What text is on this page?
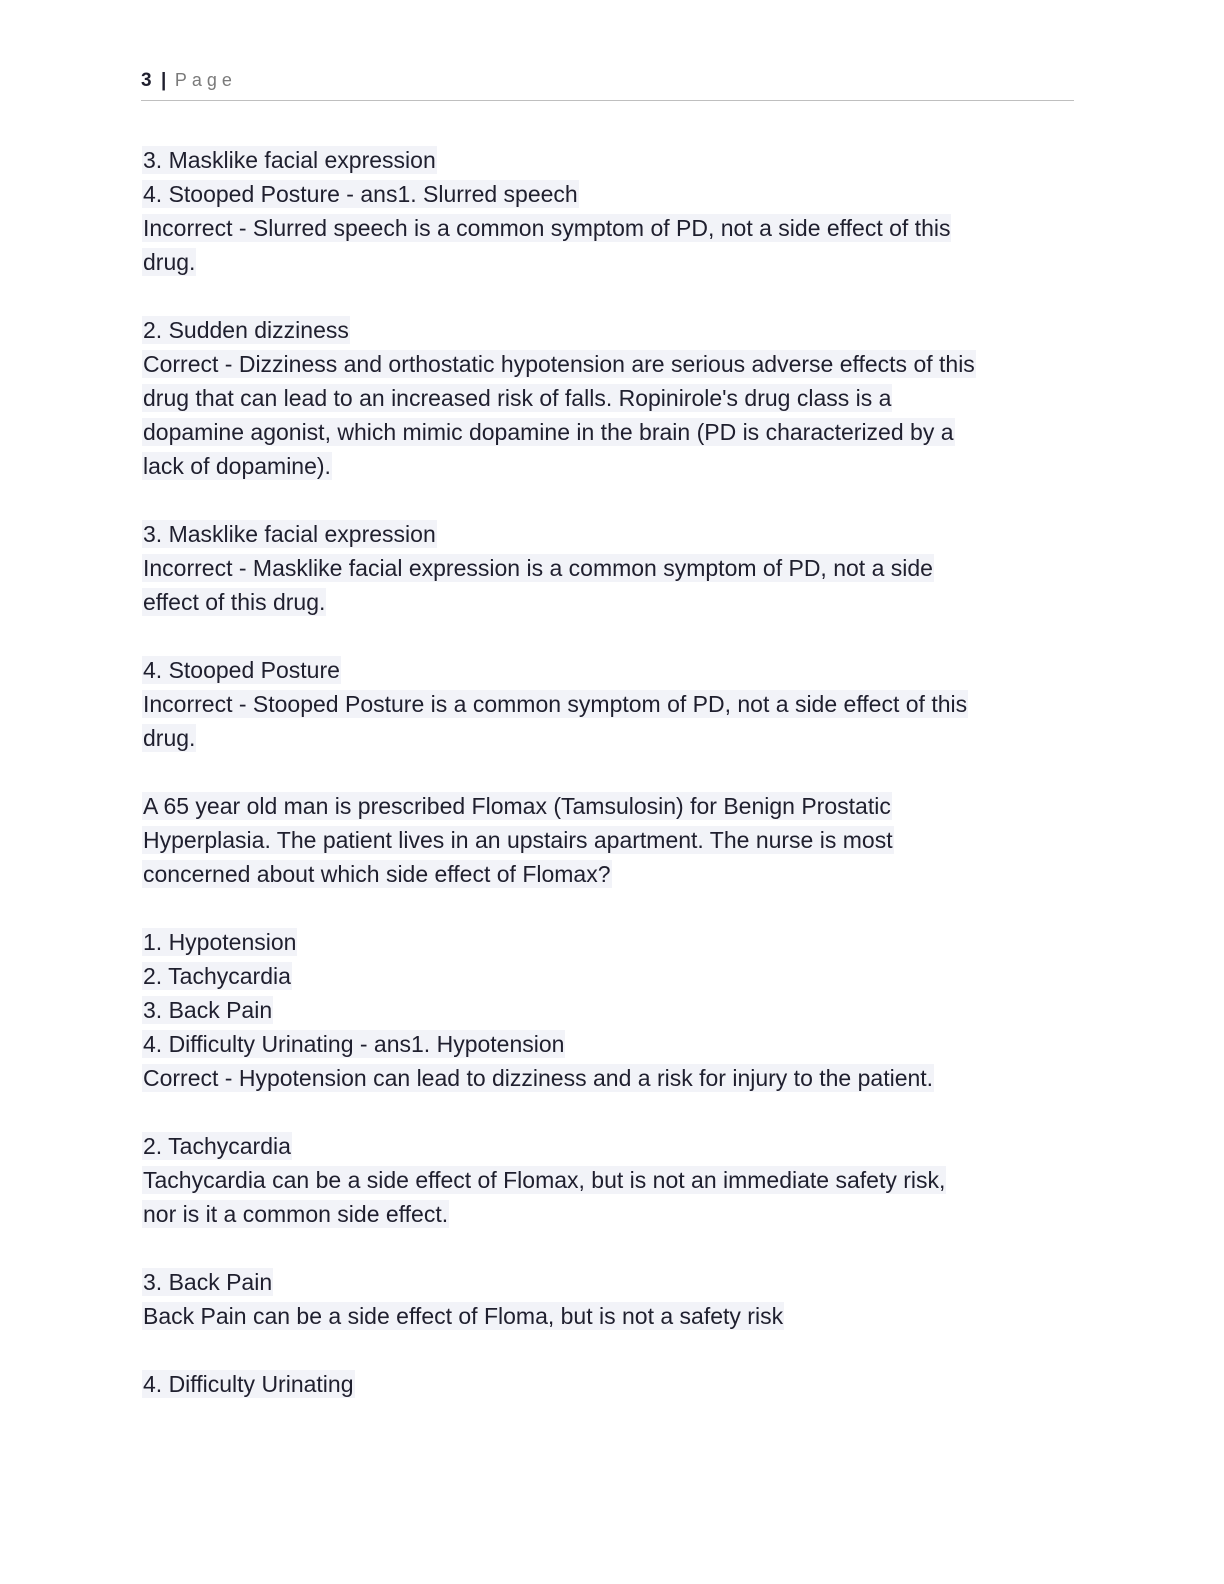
3 | Page
3. Masklike facial expression
4. Stooped Posture - ans1. Slurred speech
Incorrect - Slurred speech is a common symptom of PD, not a side effect of this
drug.
2. Sudden dizziness
Correct - Dizziness and orthostatic hypotension are serious adverse effects of this
drug that can lead to an increased risk of falls. Ropinirole's drug class is a
dopamine agonist, which mimic dopamine in the brain (PD is characterized by a
lack of dopamine).
3. Masklike facial expression
Incorrect - Masklike facial expression is a common symptom of PD, not a side
effect of this drug.
4. Stooped Posture
Incorrect - Stooped Posture is a common symptom of PD, not a side effect of this
drug.
A 65 year old man is prescribed Flomax (Tamsulosin) for Benign Prostatic
Hyperplasia. The patient lives in an upstairs apartment. The nurse is most
concerned about which side effect of Flomax?
1. Hypotension
2. Tachycardia
3. Back Pain
4. Difficulty Urinating - ans1. Hypotension
Correct - Hypotension can lead to dizziness and a risk for injury to the patient.
2. Tachycardia
Tachycardia can be a side effect of Flomax, but is not an immediate safety risk,
nor is it a common side effect.
3. Back Pain
Back Pain can be a side effect of Floma, but is not a safety risk
4. Difficulty Urinating
